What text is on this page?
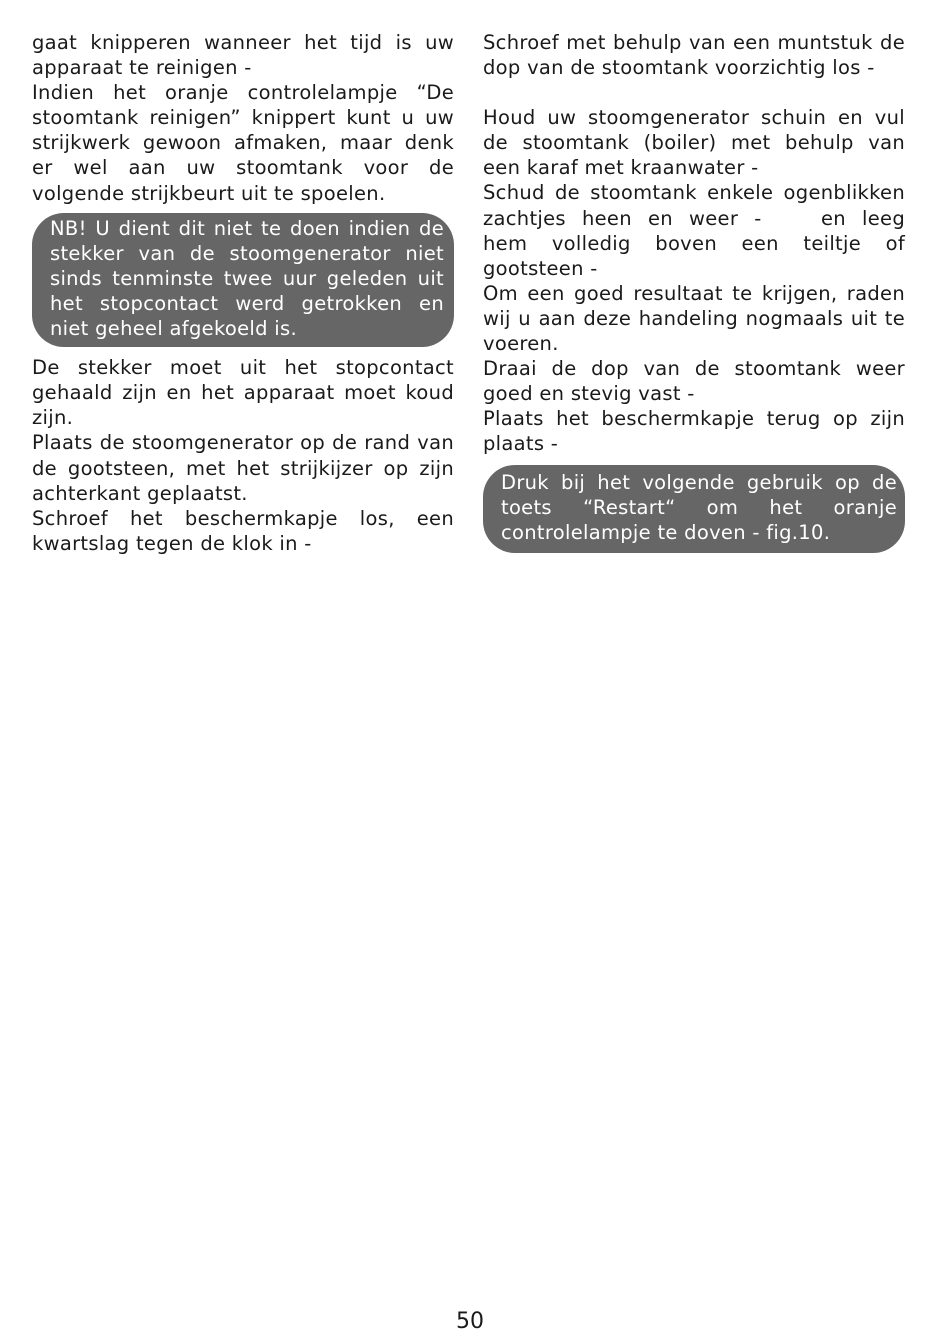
gaat knipperen wanneer het tijd is uw apparaat te reinigen -

Indien het oranje controlelampje “De stoomtank reinigen” knippert kunt u uw strijkwerk gewoon afmaken, maar denk er wel aan uw stoomtank voor de volgende strijkbeurt uit te spoelen.

NB! U dient dit niet te doen indien de stekker van de stoomgenerator niet sinds tenminste twee uur geleden uit het stopcontact werd getrokken en niet geheel afgekoeld is.

De stekker moet uit het stopcontact gehaald zijn en het apparaat moet koud zijn.

Plaats de stoomgenerator op de rand van de gootsteen, met het strijkijzer op zijn achterkant geplaatst.

Schroef het beschermkapje los, een kwartslag tegen de klok in -

Schroef met behulp van een muntstuk de dop van de stoomtank voorzichtig los -

Houd uw stoomgenerator schuin en vul de stoomtank (boiler) met behulp van een karaf met kraanwater -

Schud de stoomtank enkele ogenblikken zachtjes heen en weer -   en leeg hem volledig boven een teiltje of gootsteen -

Om een goed resultaat te krijgen, raden wij u aan deze handeling nogmaals uit te voeren.

Draai de dop van de stoomtank weer goed en stevig vast -

Plaats het beschermkapje terug op zijn plaats -

Druk bij het volgende gebruik op de toets “Restart“ om het oranje controlelampje te doven - fig.10.
50
